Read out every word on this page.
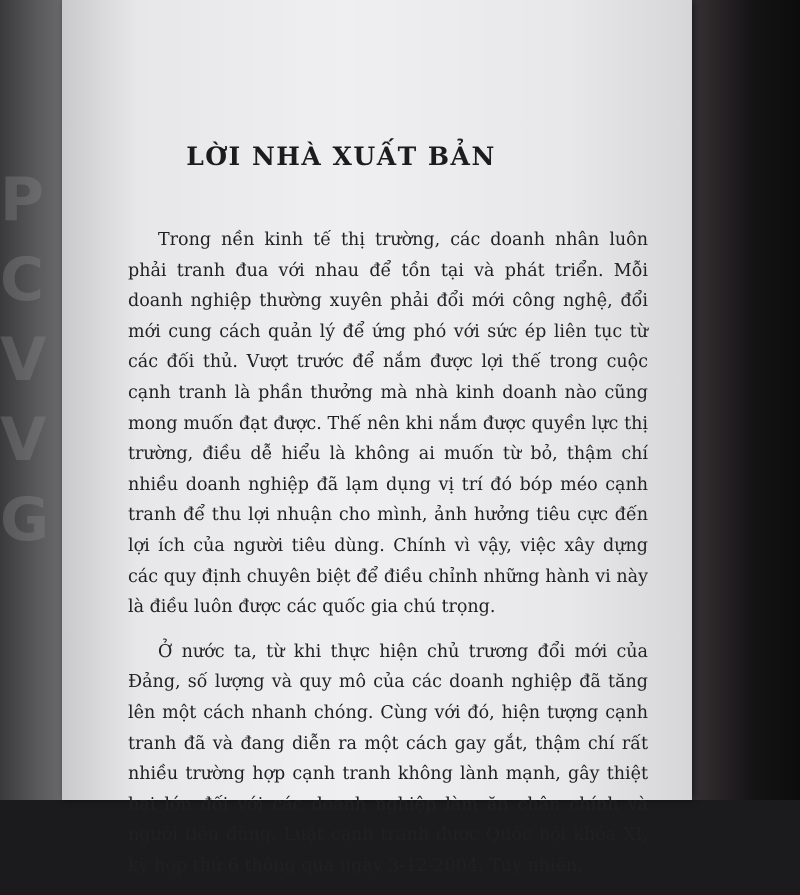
P
C
V
V
G
LỜI NHÀ XUẤT BẢN

Trong nền kinh tế thị trường, các doanh nhân luôn phải tranh đua với nhau để tồn tại và phát triển. Mỗi doanh nghiệp thường xuyên phải đổi mới công nghệ, đổi mới cung cách quản lý để ứng phó với sức ép liên tục từ các đối thủ. Vượt trước để nắm được lợi thế trong cuộc cạnh tranh là phần thưởng mà nhà kinh doanh nào cũng mong muốn đạt được. Thế nên khi nắm được quyền lực thị trường, điều dễ hiểu là không ai muốn từ bỏ, thậm chí nhiều doanh nghiệp đã lạm dụng vị trí đó bóp méo cạnh tranh để thu lợi nhuận cho mình, ảnh hưởng tiêu cực đến lợi ích của người tiêu dùng. Chính vì vậy, việc xây dựng các quy định chuyên biệt để điều chỉnh những hành vi này là điều luôn được các quốc gia chú trọng.

Ở nước ta, từ khi thực hiện chủ trương đổi mới của Đảng, số lượng và quy mô của các doanh nghiệp đã tăng lên một cách nhanh chóng. Cùng với đó, hiện tượng cạnh tranh đã và đang diễn ra một cách gay gắt, thậm chí rất nhiều trường hợp cạnh tranh không lành mạnh, gây thiệt hại lớn đối với các doanh nghiệp làm ăn chân chính và người tiêu dùng. Luật cạnh tranh được Quốc hội khóa XI, kỳ họp thứ 6 thông qua ngày 3-12-2004. Tuy nhiên,
